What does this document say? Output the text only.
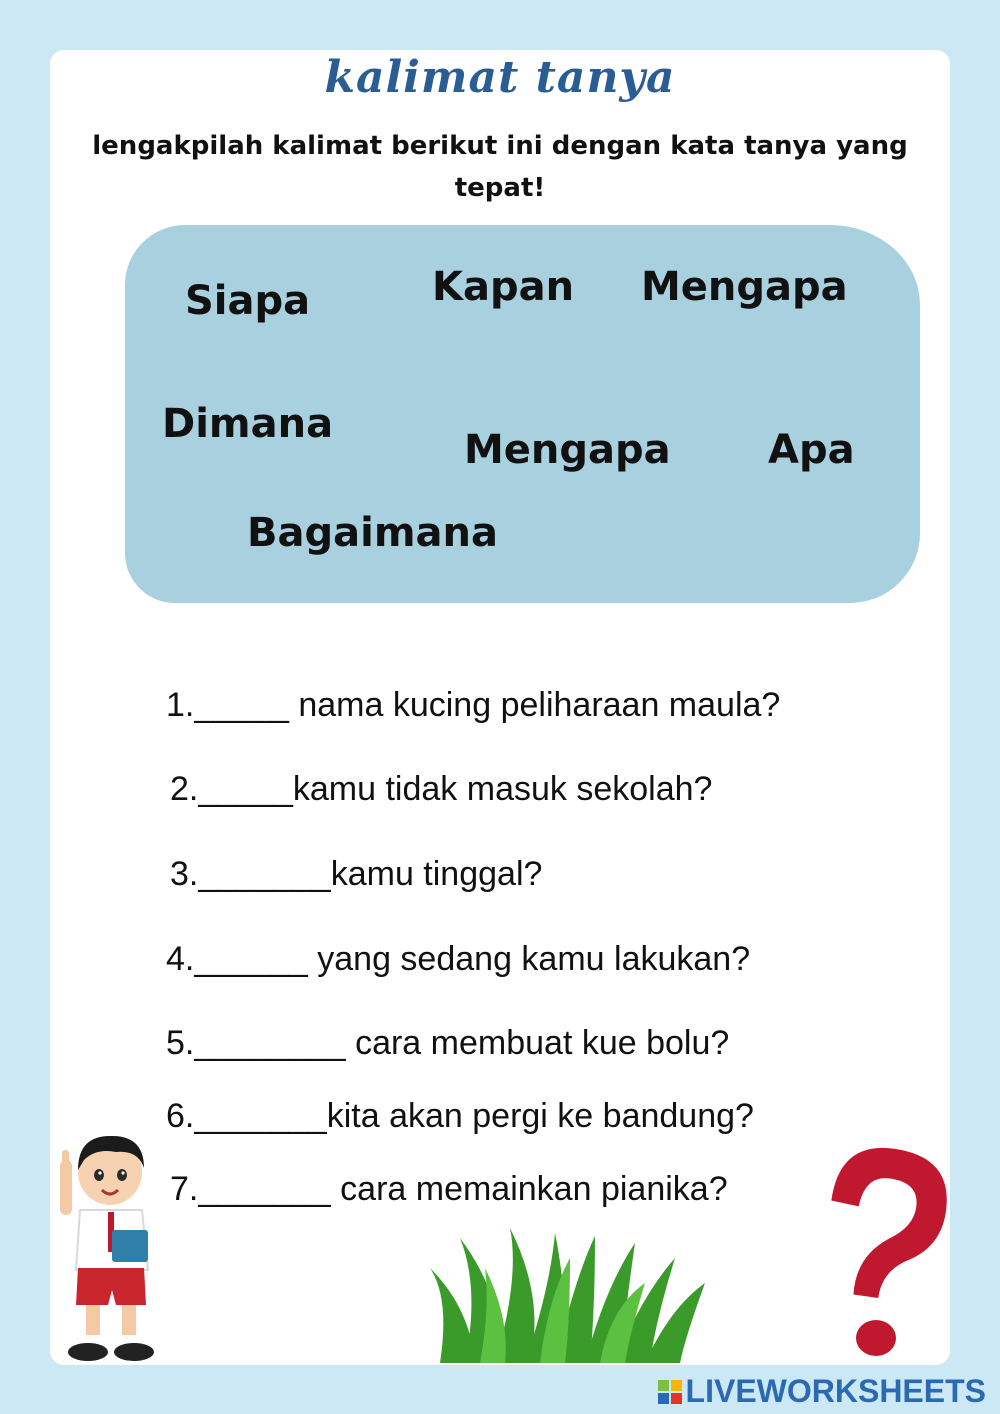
kalimat tanya
lengakpilah kalimat berikut ini dengan kata tanya yang tepat!
Siapa	Kapan Mengapa
Dimana
Mengapa Apa
Bagaimana
1._____ nama kucing peliharaan maula?
2._____kamu tidak masuk sekolah?
3._______kamu tinggal?
4.______ yang sedang kamu lakukan?
5.________ cara membuat kue bolu?
6._______kita akan pergi ke bandung?
7._______ cara memainkan pianika?
LIVEWORKSHEETS
